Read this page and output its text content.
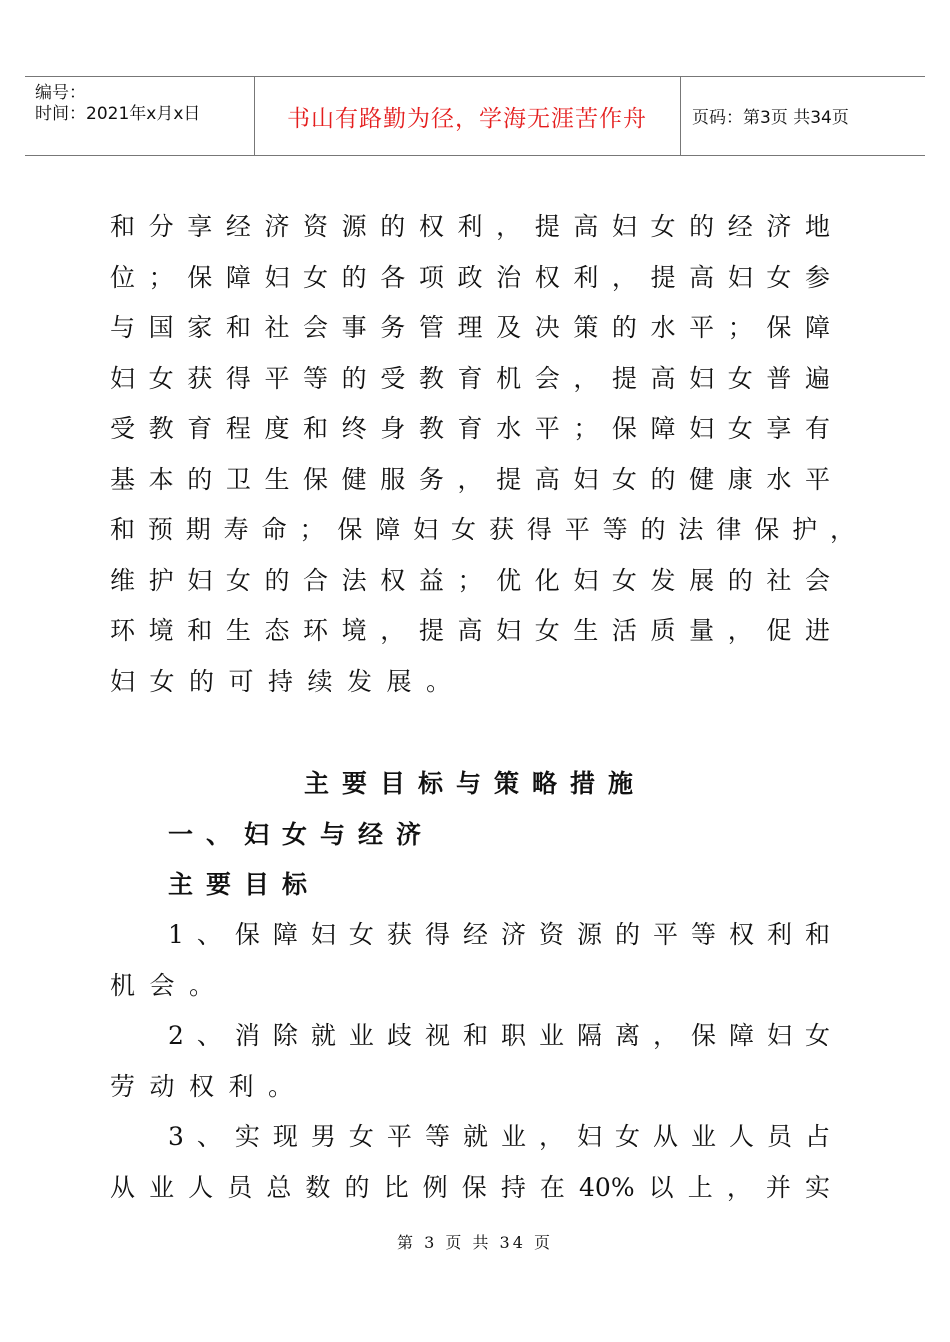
编号：
时间：2021年x月x日	书山有路勤为径，学海无涯苦作舟	页码：第3页 共34页
和分享经济资源的权利，提高妇女的经济地
位；保障妇女的各项政治权利，提高妇女参
与国家和社会事务管理及决策的水平；保障
妇女获得平等的受教育机会，提高妇女普遍
受教育程度和终身教育水平；保障妇女享有
基本的卫生保健服务，提高妇女的健康水平
和预期寿命；保障妇女获得平等的法律保护，
维护妇女的合法权益；优化妇女发展的社会
环境和生态环境，提高妇女生活质量，促进
妇女的可持续发展。
主要目标与策略措施
一、妇女与经济
主要目标
1、保障妇女获得经济资源的平等权利和
机会。
2、消除就业歧视和职业隔离，保障妇女
劳动权利。
3、实现男女平等就业，妇女从业人员占
从业人员总数的比例保持在40%以上，并实
第 3 页 共 34 页
